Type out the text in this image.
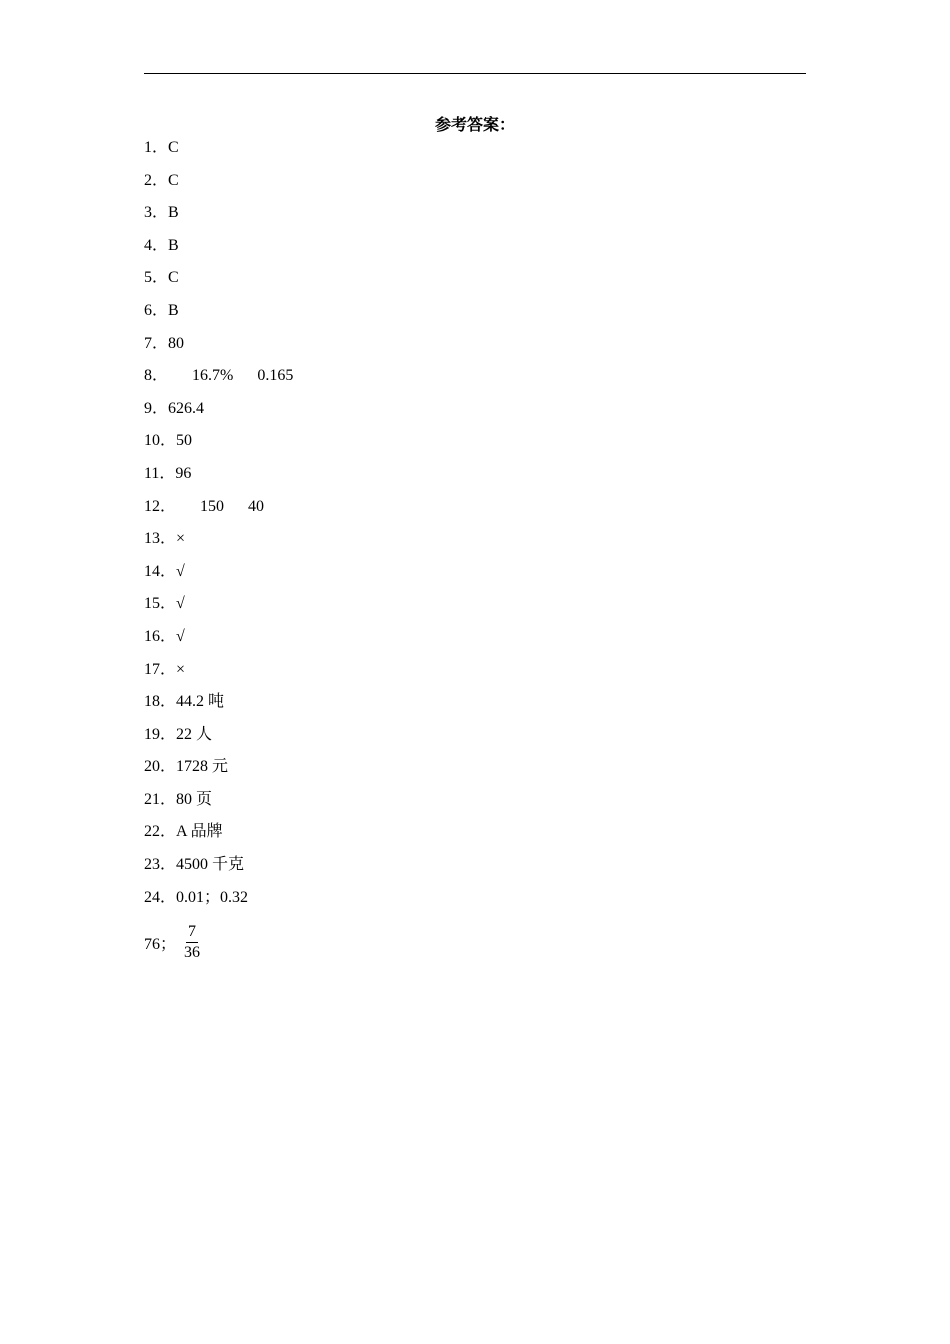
参考答案：
1．C
2．C
3．B
4．B
5．C
6．B
7．80
8．      16.7%      0.165
9．626.4
10．50
11．96
12．      150      40
13．×
14．√
15．√
16．√
17．×
18．44.2 吨
19．22 人
20．1728 元
21．80 页
22．A 品牌
23．4500 千克
24．0.01；0.32
76； $\frac{7}{36}$
